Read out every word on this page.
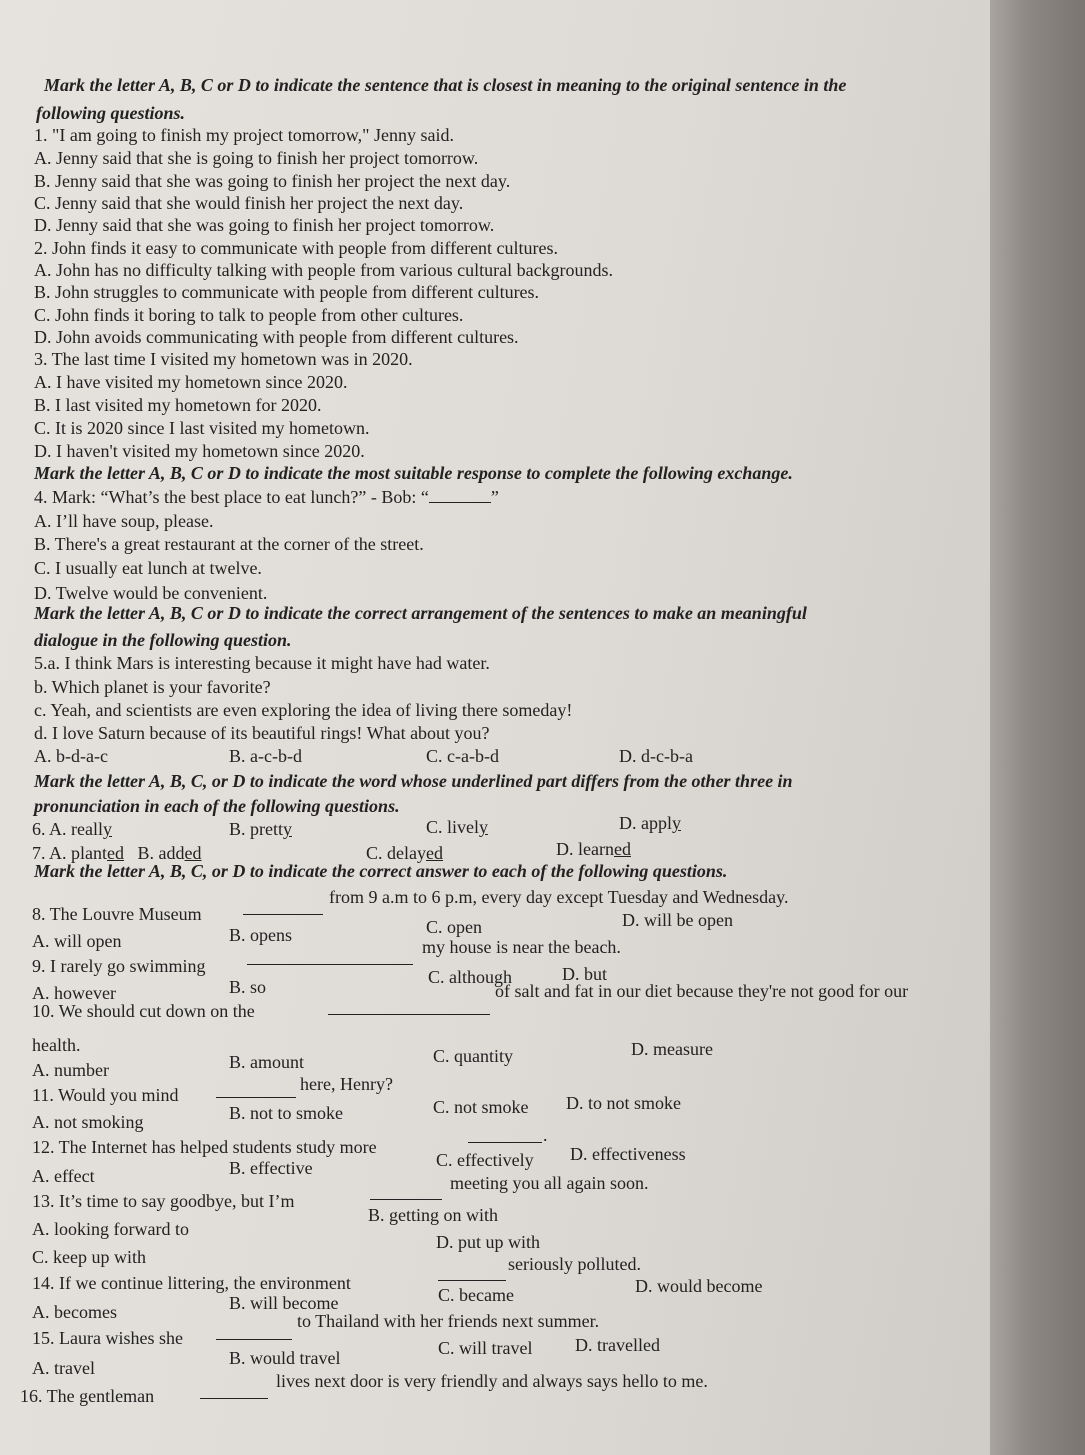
Mark the letter A, B, C or D to indicate the sentence that is closest in meaning to the original sentence in the
following questions.
1. "I am going to finish my project tomorrow," Jenny said.
A. Jenny said that she is going to finish her project tomorrow.
B. Jenny said that she was going to finish her project the next day.
C. Jenny said that she would finish her project the next day.
D. Jenny said that she was going to finish her project tomorrow.
2. John finds it easy to communicate with people from different cultures.
A. John has no difficulty talking with people from various cultural backgrounds.
B. John struggles to communicate with people from different cultures.
C. John finds it boring to talk to people from other cultures.
D. John avoids communicating with people from different cultures.
3. The last time I visited my hometown was in 2020.
A. I have visited my hometown since 2020.
B. I last visited my hometown for 2020.
C. It is 2020 since I last visited my hometown.
D. I haven't visited my hometown since 2020.
Mark the letter A, B, C or D to indicate the most suitable response to complete the following exchange.
4. Mark: “What’s the best place to eat lunch?” - Bob: “	”
A. I’ll have soup, please.
B. There's a great restaurant at the corner of the street.
C. I usually eat lunch at twelve.
D. Twelve would be convenient.
Mark the letter A, B, C or D to indicate the correct arrangement of the sentences to make an meaningful
dialogue in the following question.
5.a. I think Mars is interesting because it might have had water.
b. Which planet is your favorite?
c. Yeah, and scientists are even exploring the idea of living there someday!
d. I love Saturn because of its beautiful rings! What about you?
A. b-d-a-c	B. a-c-b-d	C. c-a-b-d	D. d-c-b-a
Mark the letter A, B, C, or D to indicate the word whose underlined part differs from the other three in
pronunciation in each of the following questions.
6. A. really	B. pretty	C. lively	D. apply
7. A. planted B. added	C. delayed	D. learned
Mark the letter A, B, C, or D to indicate the correct answer to each of the following questions.
8. The Louvre Museum
from 9 a.m to 6 p.m, every day except Tuesday and Wednesday.
A. will open	B. opens	C. open	D. will be open
9. I rarely go swimming
my house is near the beach.
A. however	B. so	C. although	D. but
10. We should cut down on the
of salt and fat in our diet because they're not good for our
health.
A. number	B. amount	C. quantity	D. measure
11. Would you mind
here, Henry?
A. not smoking	B. not to smoke	C. not smoke D. to not smoke
12. The Internet has helped students study more
.
A. effect	B. effective	C. effectively D. effectiveness
13. It’s time to say goodbye, but I’m
meeting you all again soon.
A. looking forward to
B. getting on with
C. keep up with
D. put up with
14. If we continue littering, the environment
seriously polluted.
A. becomes	B. will become	C. became	D. would become
15. Laura wishes she
to Thailand with her friends next summer.
A. travel	B. would travel	C. will travel D. travelled
16. The gentleman
lives next door is very friendly and always says hello to me.
